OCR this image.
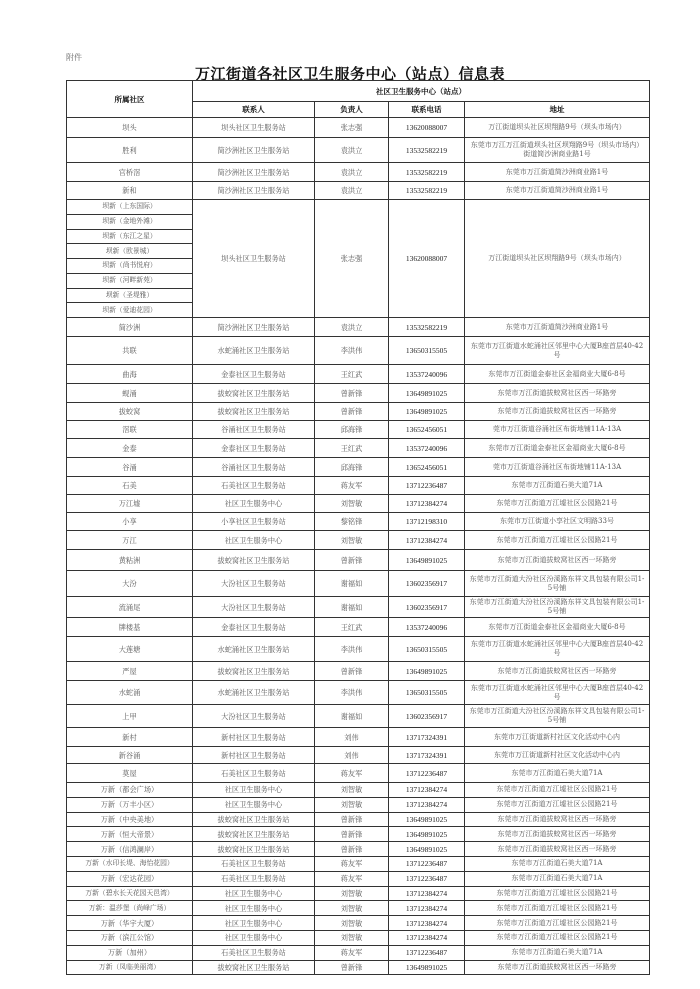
附件
万江街道各社区卫生服务中心（站点）信息表
所属社区	社区卫生服务中心（站点）			
	联系人	负责人	联系电话	地址
坝头	坝头社区卫生服务站	张志强	13620088007	万江街道坝头社区坝翔路9号（坝头市场内）
胜利	简沙洲社区卫生服务站	袁洪立	13532582219	东莞市万江万江街道坝头社区坝翔路9号（坝头市场内）街道简沙洲商业路1号
官桥滘	简沙洲社区卫生服务站	袁洪立	13532582219	东莞市万江街道简沙洲商业路1号
新和	简沙洲社区卫生服务站	袁洪立	13532582219	东莞市万江街道简沙洲商业路1号
坝新（上东国际）	坝头社区卫生服务站	张志强	13620088007	万江街道坝头社区坝翔路9号（坝头市场内）
坝新（金地外滩）				
坝新（东江之星）				
坝新（欧景城）				
坝新（尚书悦府）				
坝新（河畔新苑）				
坝新（圣堤雅）				
坝新（爱迪花园）				
简沙洲	简沙洲社区卫生服务站	袁洪立	13532582219	东莞市万江街道简沙洲商业路1号
共联	水蛇涌社区卫生服务站	李洪伟	13650315505	东莞市万江街道水蛇涌社区邻里中心大厦B座首层40-42号
曲海	金泰社区卫生服务站	王红武	13537240096	东莞市万江街道金泰社区金福商业大厦6-8号
蚬涌	拔蛟窝社区卫生服务站	曾新锋	13649891025	东莞市万江街道拔蛟窝社区西一环路旁
拔蛟窝	拔蛟窝社区卫生服务站	曾新锋	13649891025	东莞市万江街道拔蛟窝社区西一环路旁
滘联	谷涌社区卫生服务站	邱海锋	13652456051	莞市万江街道谷涌社区布街地铺11A-13A
金泰	金泰社区卫生服务站	王红武	13537240096	东莞市万江街道金泰社区金福商业大厦6-8号
谷涌	谷涌社区卫生服务站	邱海锋	13652456051	莞市万江街道谷涌社区布街地铺11A-13A
石美	石美社区卫生服务站	蒋友军	13712236487	东莞市万江街道石美大道71A
万江墟	社区卫生服务中心	刘智敏	13712384274	东莞市万江街道万江墟社区公园路21号
小享	小享社区卫生服务站	黎铭锋	13712198310	东莞市万江街道小享社区文明路33号
万江	社区卫生服务中心	刘智敏	13712384274	东莞市万江街道万江墟社区公园路21号
黄粘洲	拔蛟窝社区卫生服务站	曾新锋	13649891025	东莞市万江街道拔蛟窝社区西一环路旁
大汾	大汾社区卫生服务站	谢福如	13602356917	东莞市万江街道大汾社区汾溪路东祥文具包装有限公司1-5号铺
流涌尾	大汾社区卫生服务站	谢福如	13602356917	东莞市万江街道大汾社区汾溪路东祥文具包装有限公司1-5号铺
牌楼基	金泰社区卫生服务站	王红武	13537240096	东莞市万江街道金泰社区金福商业大厦6-8号
大莲塘	水蛇涌社区卫生服务站	李洪伟	13650315505	东莞市万江街道水蛇涌社区邻里中心大厦B座首层40-42号
严屋	拔蛟窝社区卫生服务站	曾新锋	13649891025	东莞市万江街道拔蛟窝社区西一环路旁
水蛇涌	水蛇涌社区卫生服务站	李洪伟	13650315505	东莞市万江街道水蛇涌社区邻里中心大厦B座首层40-42号
上甲	大汾社区卫生服务站	谢福如	13602356917	东莞市万江街道大汾社区汾溪路东祥文具包装有限公司1-5号铺
新村	新村社区卫生服务站	刘伟	13717324391	东莞市万江街道新村社区文化活动中心内
新谷涌	新村社区卫生服务站	刘伟	13717324391	东莞市万江街道新村社区文化活动中心内
莫屋	石美社区卫生服务站	蒋友军	13712236487	东莞市万江街道石美大道71A
万新（都会广场）	社区卫生服务中心	刘智敏	13712384274	东莞市万江街道万江墟社区公园路21号
万新（万丰小区）	社区卫生服务中心	刘智敏	13712384274	东莞市万江街道万江墟社区公园路21号
万新（中央美地）	拔蛟窝社区卫生服务站	曾新锋	13649891025	东莞市万江街道拔蛟窝社区西一环路旁
万新（恒大帝景）	拔蛟窝社区卫生服务站	曾新锋	13649891025	东莞市万江街道拔蛟窝社区西一环路旁
万新（信鸿澜岸）	拔蛟窝社区卫生服务站	曾新锋	13649891025	东莞市万江街道拔蛟窝社区西一环路旁
万新（水印长堤、海怡花园）	石美社区卫生服务站	蒋友军	13712236487	东莞市万江街道石美大道71A
万新（宏达花园）	石美社区卫生服务站	蒋友军	13712236487	东莞市万江街道石美大道71A
万新（碧水长天花园天邑湾）	社区卫生服务中心	刘智敏	13712384274	东莞市万江街道万江墟社区公园路21号
万新：温莎堡（尚峰广场）	社区卫生服务中心	刘智敏	13712384274	东莞市万江街道万江墟社区公园路21号
万新（华宇大厦）	社区卫生服务中心	刘智敏	13712384274	东莞市万江街道万江墟社区公园路21号
万新（滨江公馆）	社区卫生服务中心	刘智敏	13712384274	东莞市万江街道万江墟社区公园路21号
万新（加州）	石美社区卫生服务站	蒋友军	13712236487	东莞市万江街道石美大道71A
万新（凤临美丽湾）	拔蛟窝社区卫生服务站	曾新锋	13649891025	东莞市万江街道拔蛟窝社区西一环路旁
